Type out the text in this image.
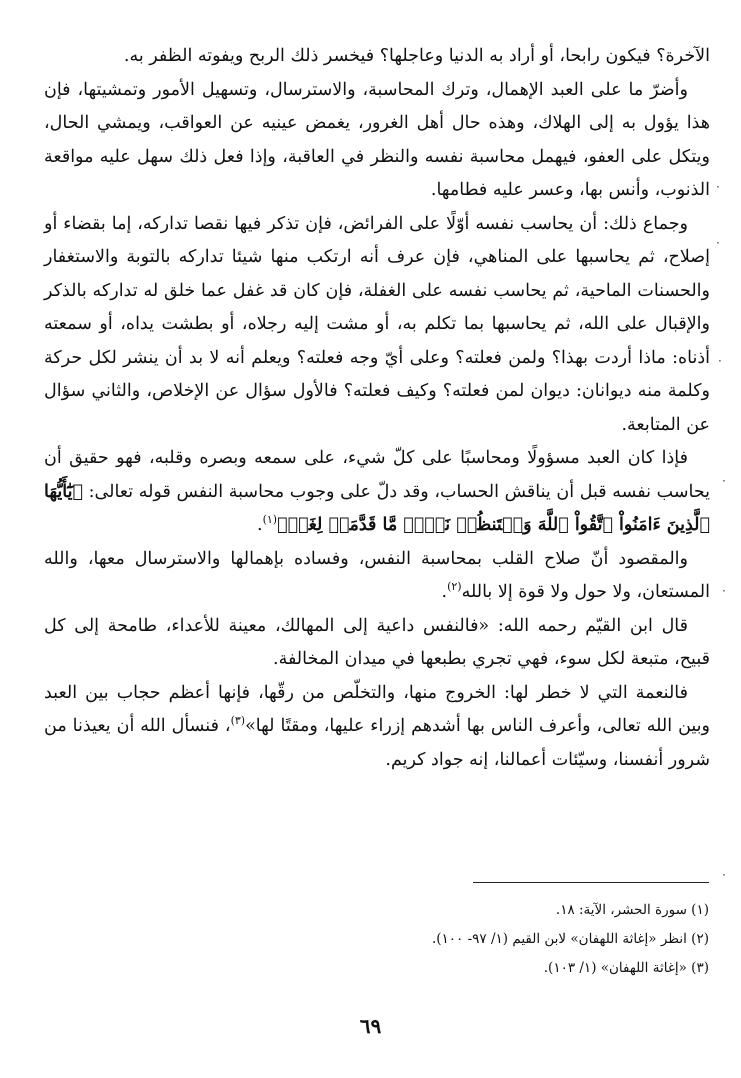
الآخرة؟ فيكون رابحا، أو أراد به الدنيا وعاجلها؟ فيخسر ذلك الربح ويفوته الظفر به.

وأضرّ ما على العبد الإهمال، وترك المحاسبة، والاسترسال، وتسهيل الأمور وتمشيتها، فإن هذا يؤول به إلى الهلاك، وهذه حال أهل الغرور، يغمض عينيه عن العواقب، ويمشي الحال، ويتكل على العفو، فيهمل محاسبة نفسه والنظر في العاقبة، وإذا فعل ذلك سهل عليه مواقعة الذنوب، وأنس بها، وعسر عليه فطامها.

وجماع ذلك: أن يحاسب نفسه أوّلًا على الفرائض، فإن تذكر فيها نقصا تداركه، إما بقضاء أو إصلاح، ثم يحاسبها على المناهي، فإن عرف أنه ارتكب منها شيئا تداركه بالتوبة والاستغفار والحسنات الماحية، ثم يحاسب نفسه على الغفلة، فإن كان قد غفل عما خلق له تداركه بالذكر والإقبال على الله، ثم يحاسبها بما تكلم به، أو مشت إليه رجلاه، أو بطشت يداه، أو سمعته أذناه: ماذا أردت بهذا؟ ولمن فعلته؟ وعلى أيّ وجه فعلته؟ ويعلم أنه لا بد أن ينشر لكل حركة وكلمة منه ديوانان: ديوان لمن فعلته؟ وكيف فعلته؟ فالأول سؤال عن الإخلاص، والثاني سؤال عن المتابعة.

فإذا كان العبد مسؤولًا ومحاسبًا على كلّ شيء، على سمعه وبصره وقلبه، فهو حقيق أن يحاسب نفسه قبل أن يناقش الحساب، وقد دلّ على وجوب محاسبة النفس قوله تعالى: ﴿يَٰٓأَيُّهَا ٱلَّذِينَ ءَامَنُواْ ٱتَّقُواْ ٱللَّهَ وَلۡتَنظُرۡ نَفۡسٞ مَّا قَدَّمَتۡ لِغَدٖ﴾$^{(١)}$.

والمقصود أنّ صلاح القلب بمحاسبة النفس، وفساده بإهمالها والاسترسال معها، والله المستعان، ولا حول ولا قوة إلا بالله$^{(٢)}$.

قال ابن القيّم رحمه الله: «فالنفس داعية إلى المهالك، معينة للأعداء، طامحة إلى كل قبيح، متبعة لكل سوء، فهي تجري بطبعها في ميدان المخالفة.

فالنعمة التي لا خطر لها: الخروج منها، والتخلّص من رقّها، فإنها أعظم حجاب بين العبد وبين الله تعالى، وأعرف الناس بها أشدهم إزراء عليها، ومقتًا لها»$^{(٣)}$، فنسأل الله أن يعيذنا من شرور أنفسنا، وسيّئات أعمالنا، إنه جواد كريم.

(١) سورة الحشر، الآية: ١٨.

(٢) انظر «إغاثة اللهفان» لابن القيم (١/ ٩٧- ١٠٠).

(٣) «إغاثة اللهفان» (١/ ١٠٣).

٦٩
·
·
·
·
·
·
